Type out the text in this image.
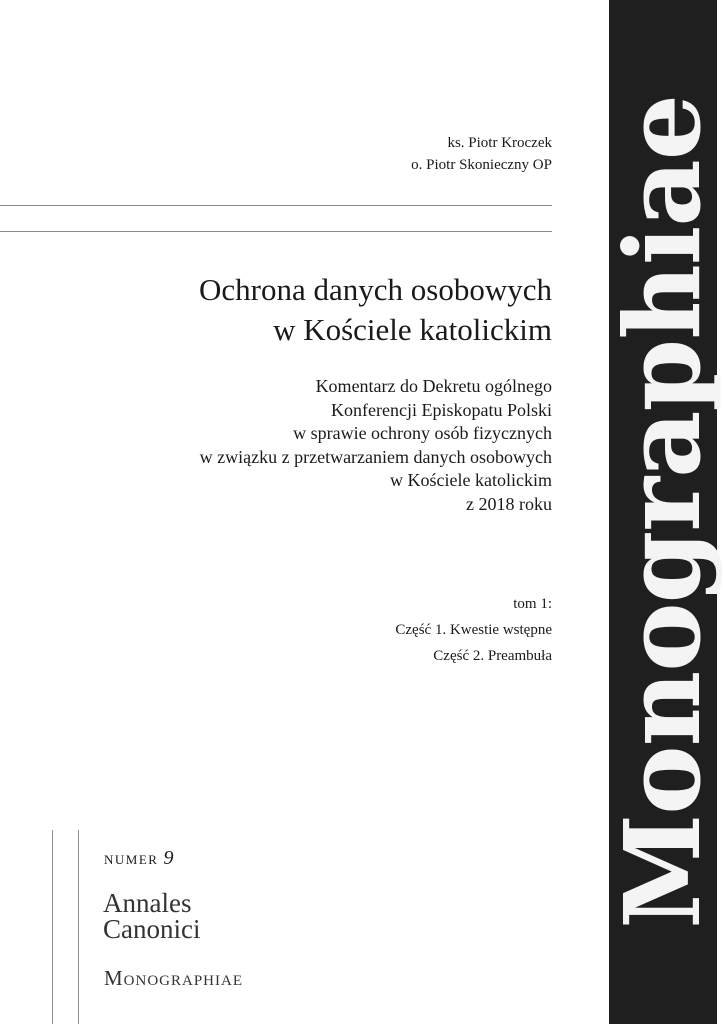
Monographiae
ks. Piotr Kroczek
o. Piotr Skonieczny OP
Ochrona danych osobowych
w Kościele katolickim
Komentarz do Dekretu ogólnego
Konferencji Episkopatu Polski
w sprawie ochrony osób fizycznych
w związku z przetwarzaniem danych osobowych
w Kościele katolickim
z 2018 roku
tom 1:
Część 1. Kwestie wstępne
Część 2. Preambuła
numer 9
Annales
Canonici
Monographiae
